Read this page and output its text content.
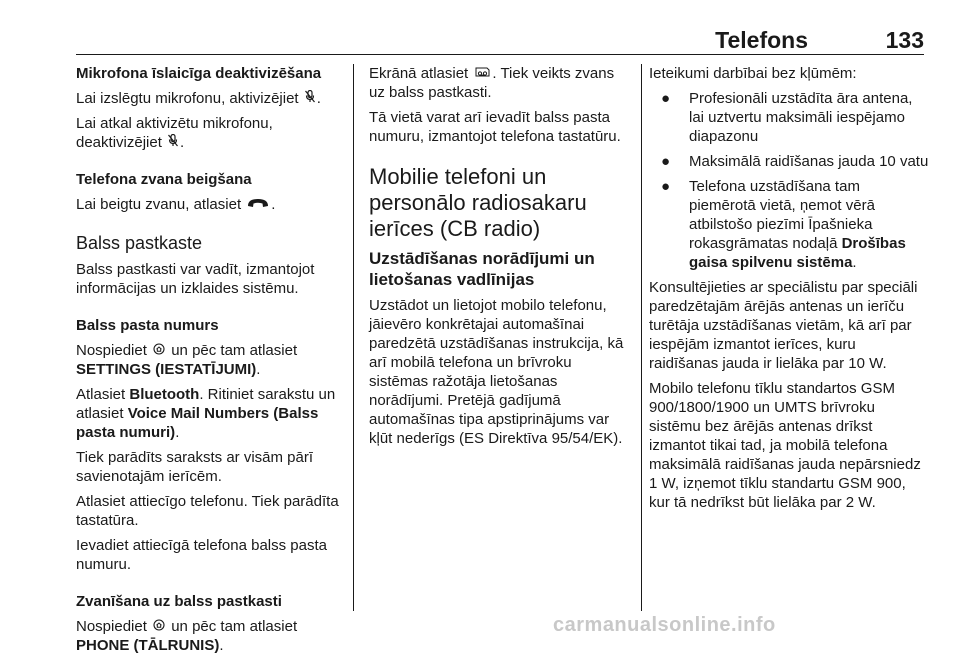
Telefons	133

Mikrofona īslaicīga deaktivizēšana

Lai izslēgtu mikrofonu, aktivizējiet .

Lai atkal aktivizētu mikrofonu, deaktivizējiet .

Telefona zvana beigšana

Lai beigtu zvanu, atlasiet .

Balss pastkaste

Balss pastkasti var vadīt, izmantojot informācijas un izklaides sistēmu.

Balss pasta numurs

Nospiediet  un pēc tam atlasiet
SETTINGS (IESTATĪJUMI).

Atlasiet Bluetooth. Ritiniet sarakstu un atlasiet Voice Mail Numbers (Balss pasta numuri).

Tiek parādīts saraksts ar visām pārī savienotajām ierīcēm.

Atlasiet attiecīgo telefonu. Tiek parādīta tastatūra.

Ievadiet attiecīgā telefona balss pasta numuru.

Zvanīšana uz balss pastkasti

Nospiediet  un pēc tam atlasiet
PHONE (TĀLRUNIS).

Ekrānā atlasiet . Tiek veikts zvans uz balss pastkasti.

Tā vietā varat arī ievadīt balss pasta numuru, izmantojot telefona tastatūru.

Mobilie telefoni un personālo radiosakaru ierīces (CB radio)

Uzstādīšanas norādījumi un lietošanas vadlīnijas

Uzstādot un lietojot mobilo telefonu, jāievēro konkrētajai automašīnai paredzētā uzstādīšanas instrukcija, kā arī mobilā telefona un brīvroku sistēmas ražotāja lietošanas norādījumi. Pretējā gadījumā automašīnas tipa apstiprinājums var kļūt nederīgs (ES Direktīva 95/54/EK).

Ieteikumi darbībai bez kļūmēm:

● Profesionāli uzstādīta āra antena, lai uztvertu maksimāli iespējamo diapazonu
● Maksimālā raidīšanas jauda 10 vatu
● Telefona uzstādīšana tam piemērotā vietā, ņemot vērā atbilstošo piezīmi Īpašnieka rokasgrāmatas nodaļā Drošības gaisa spilvenu sistēma.

Konsultējieties ar speciālistu par speciāli paredzētajām ārējās antenas un ierīču turētāja uzstādīšanas vietām, kā arī par iespējām izmantot ierīces, kuru raidīšanas jauda ir lielāka par 10 W.

Mobilo telefonu tīklu standartos GSM 900/1800/1900 un UMTS brīvroku sistēmu bez ārējās antenas drīkst izmantot tikai tad, ja mobilā telefona maksimālā raidīšanas jauda nepārsniedz 1 W, izņemot tīklu standartu GSM 900, kur tā nedrīkst būt lielāka par 2 W.

carmanualsonline.info
